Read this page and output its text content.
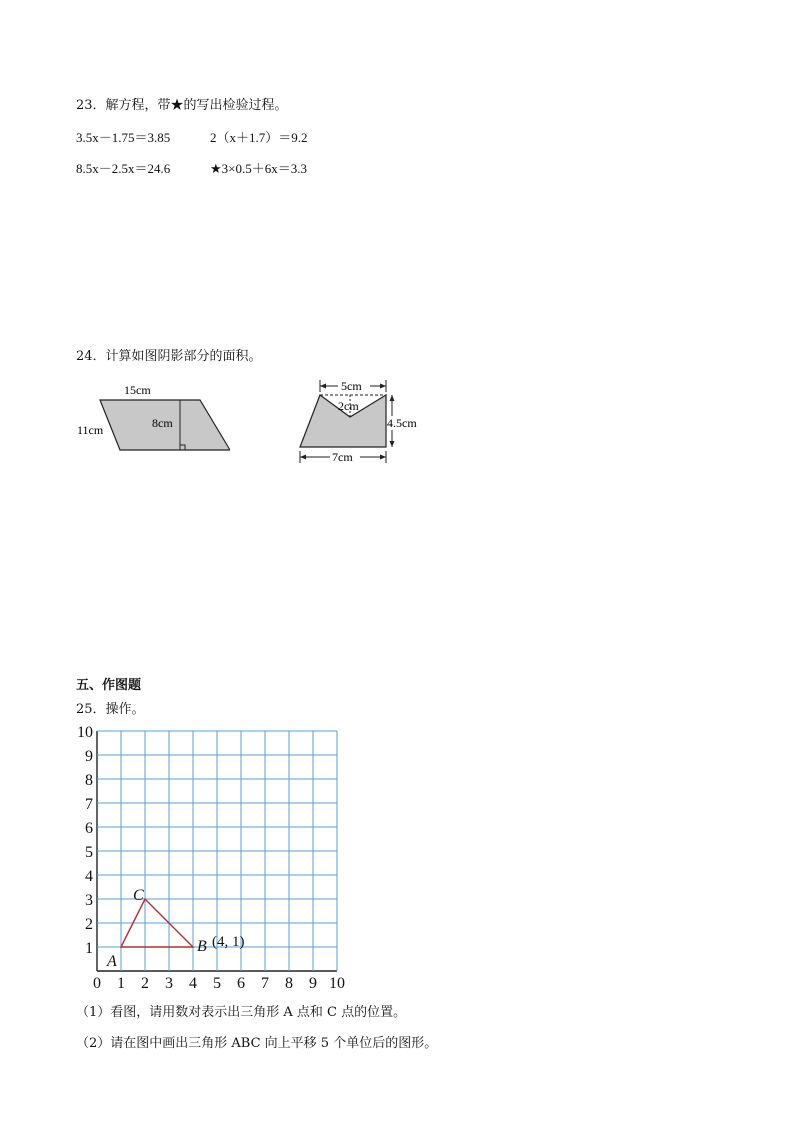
23．解方程，带★的写出检验过程。
3.5x－1.75＝3.85	2（x＋1.7）＝9.2
8.5x－2.5x＝24.6	★3×0.5＋6x＝3.3
24．计算如图阴影部分的面积。
15cm
8cm
11cm
5cm
2cm
4.5cm
7cm
五、作图题
25．操作。
0 1 2 3 4 5 6 7 8 9 10
1
2
3
4
5
6
7
8
9
10
A
B (4, 1)
C
（1）看图，请用数对表示出三角形 A 点和 C 点的位置。
（2）请在图中画出三角形 ABC 向上平移 5 个单位后的图形。
